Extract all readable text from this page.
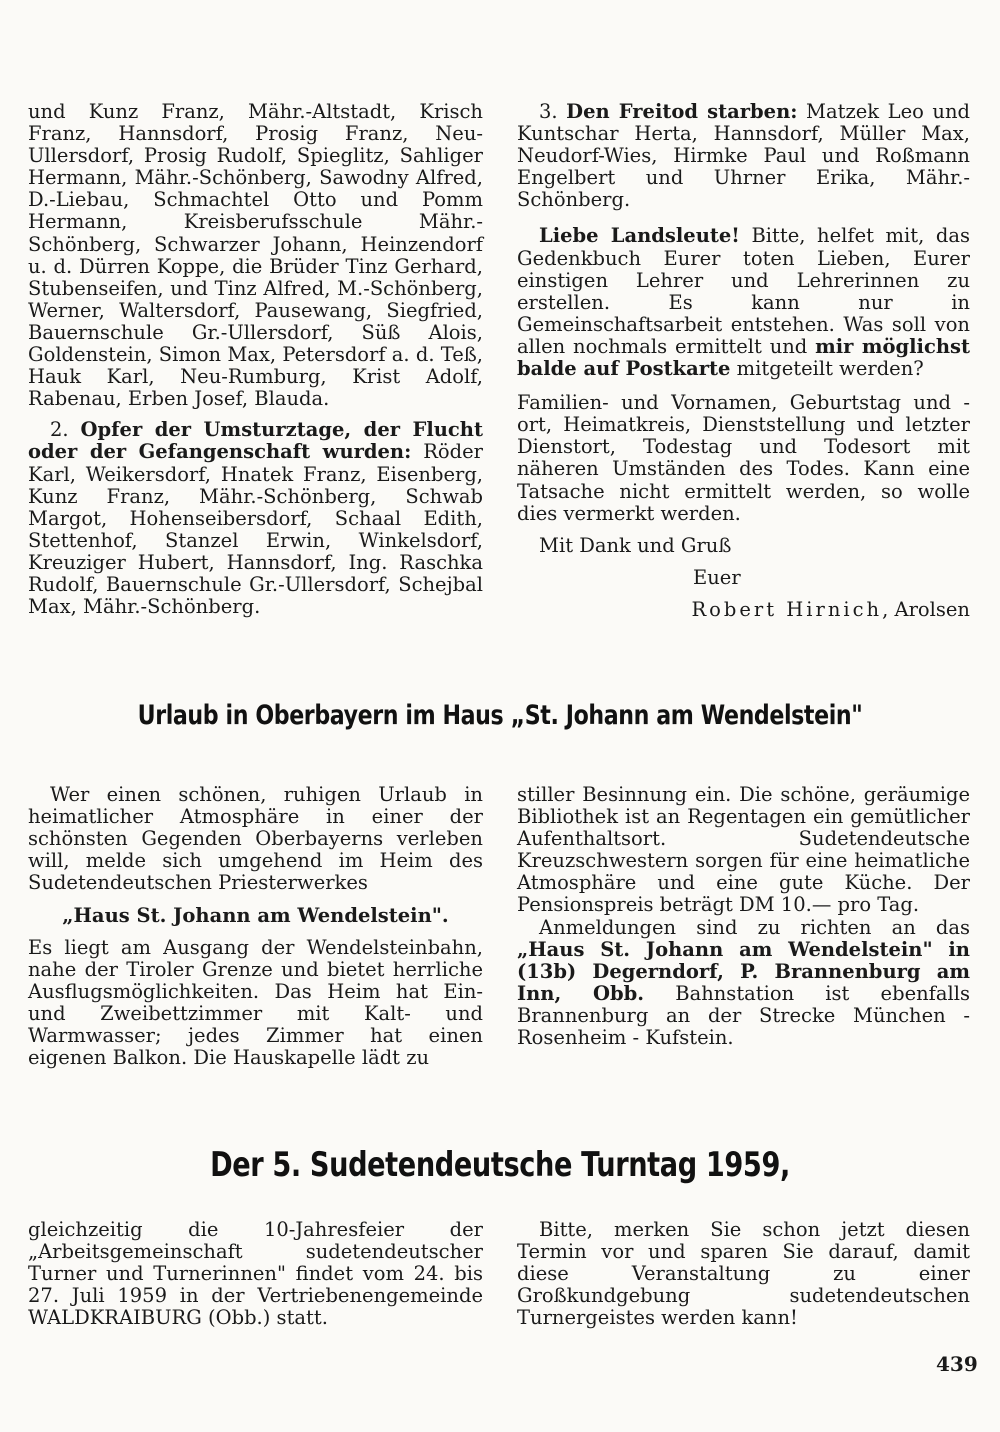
und Kunz Franz, Mähr.-Altstadt, Krisch Franz, Hannsdorf, Prosig Franz, Neu-Ullersdorf, Prosig Rudolf, Spieglitz, Sahliger Hermann, Mähr.-Schönberg, Sawodny Alfred, D.-Liebau, Schmachtel Otto und Pomm Hermann, Kreisberufsschule Mähr.-Schönberg, Schwarzer Johann, Heinzendorf u. d. Dürren Koppe, die Brüder Tinz Gerhard, Stubenseifen, und Tinz Alfred, M.-Schönberg, Werner, Waltersdorf, Pausewang, Siegfried, Bauernschule Gr.-Ullersdorf, Süß Alois, Goldenstein, Simon Max, Petersdorf a. d. Teß, Hauk Karl, Neu-Rumburg, Krist Adolf, Rabenau, Erben Josef, Blauda.

2. Opfer der Umsturztage, der Flucht oder der Gefangenschaft wurden: Röder Karl, Weikersdorf, Hnatek Franz, Eisenberg, Kunz Franz, Mähr.-Schönberg, Schwab Margot, Hohenseibersdorf, Schaal Edith, Stettenhof, Stanzel Erwin, Winkelsdorf, Kreuziger Hubert, Hannsdorf, Ing. Raschka Rudolf, Bauernschule Gr.-Ullersdorf, Schejbal Max, Mähr.-Schönberg.

3. Den Freitod starben: Matzek Leo und Kuntschar Herta, Hannsdorf, Müller Max, Neudorf-Wies, Hirmke Paul und Roßmann Engelbert und Uhrner Erika, Mähr.-Schönberg.

Liebe Landsleute! Bitte, helfet mit, das Gedenkbuch Eurer toten Lieben, Eurer einstigen Lehrer und Lehrerinnen zu erstellen. Es kann nur in Gemeinschaftsarbeit entstehen. Was soll von allen nochmals ermittelt und mir möglichst balde auf Postkarte mitgeteilt werden?

Familien- und Vornamen, Geburtstag und -ort, Heimatkreis, Dienststellung und letzter Dienstort, Todestag und Todesort mit näheren Umständen des Todes. Kann eine Tatsache nicht ermittelt werden, so wolle dies vermerkt werden.

Mit Dank und Gruß

Euer

Robert Hirnich, Arolsen

Urlaub in Oberbayern im Haus „St. Johann am Wendelstein"

Wer einen schönen, ruhigen Urlaub in heimatlicher Atmosphäre in einer der schönsten Gegenden Oberbayerns verleben will, melde sich umgehend im Heim des Sudetendeutschen Priesterwerkes

„Haus St. Johann am Wendelstein".

Es liegt am Ausgang der Wendelsteinbahn, nahe der Tiroler Grenze und bietet herrliche Ausflugsmöglichkeiten. Das Heim hat Ein- und Zweibettzimmer mit Kalt- und Warmwasser; jedes Zimmer hat einen eigenen Balkon. Die Hauskapelle lädt zu

stiller Besinnung ein. Die schöne, geräumige Bibliothek ist an Regentagen ein gemütlicher Aufenthaltsort. Sudetendeutsche Kreuzschwestern sorgen für eine heimatliche Atmosphäre und eine gute Küche. Der Pensionspreis beträgt DM 10.— pro Tag.

Anmeldungen sind zu richten an das „Haus St. Johann am Wendelstein" in (13b) Degerndorf, P. Brannenburg am Inn, Obb. Bahnstation ist ebenfalls Brannenburg an der Strecke München - Rosenheim - Kufstein.

Der 5. Sudetendeutsche Turntag 1959,

gleichzeitig die 10-Jahresfeier der „Arbeitsgemeinschaft sudetendeutscher Turner und Turnerinnen" findet vom 24. bis 27. Juli 1959 in der Vertriebenengemeinde WALDKRAIBURG (Obb.) statt.

Bitte, merken Sie schon jetzt diesen Termin vor und sparen Sie darauf, damit diese Veranstaltung zu einer Großkundgebung sudetendeutschen Turnergeistes werden kann!

439
